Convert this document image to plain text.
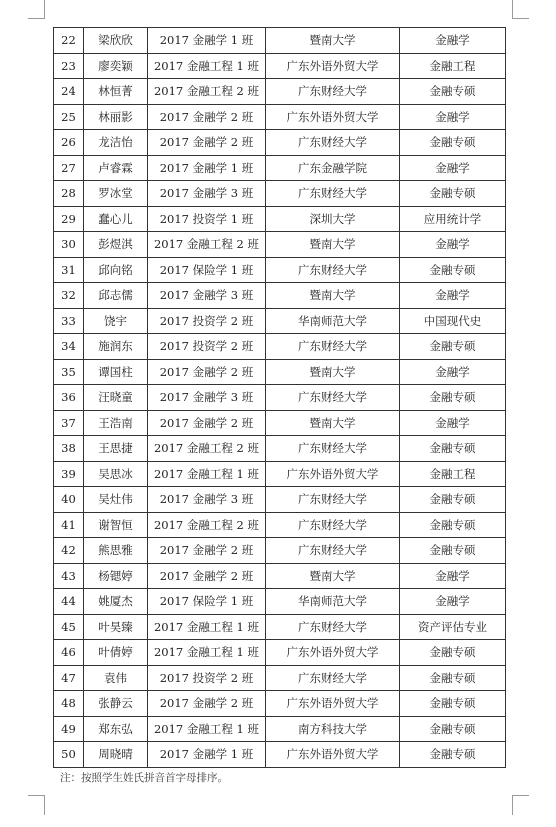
22	梁欣欣	2017 金融学 1 班	暨南大学	金融学
23	廖奕颖	2017 金融工程 1 班	广东外语外贸大学	金融工程
24	林恒菁	2017 金融工程 2 班	广东财经大学	金融专硕
25	林丽影	2017 金融学 2 班	广东外语外贸大学	金融学
26	龙洁怡	2017 金融学 2 班	广东财经大学	金融专硕
27	卢睿霖	2017 金融学 1 班	广东金融学院	金融学
28	罗冰堂	2017 金融学 3 班	广东财经大学	金融专硕
29	蠢心儿	2017 投资学 1 班	深圳大学	应用统计学
30	彭煜淇	2017 金融工程 2 班	暨南大学	金融学
31	邱向铭	2017 保险学 1 班	广东财经大学	金融专硕
32	邱志儒	2017 金融学 3 班	暨南大学	金融学
33	饶宇	2017 投资学 2 班	华南师范大学	中国现代史
34	施润东	2017 投资学 2 班	广东财经大学	金融专硕
35	谭国柱	2017 金融学 2 班	暨南大学	金融学
36	汪晓童	2017 金融学 3 班	广东财经大学	金融专硕
37	王浩南	2017 金融学 2 班	暨南大学	金融学
38	王思捷	2017 金融工程 2 班	广东财经大学	金融专硕
39	吴思冰	2017 金融工程 1 班	广东外语外贸大学	金融工程
40	吴灶伟	2017 金融学 3 班	广东财经大学	金融专硕
41	谢智恒	2017 金融工程 2 班	广东财经大学	金融专硕
42	熊思雅	2017 金融学 2 班	广东财经大学	金融专硕
43	杨锶婷	2017 金融学 2 班	暨南大学	金融学
44	姚厦杰	2017 保险学 1 班	华南师范大学	金融学
45	叶昊臻	2017 金融工程 1 班	广东财经大学	资产评估专业
46	叶倩婷	2017 金融工程 1 班	广东外语外贸大学	金融专硕
47	袁伟	2017 投资学 2 班	广东财经大学	金融专硕
48	张静云	2017 金融学 2 班	广东外语外贸大学	金融专硕
49	郑东弘	2017 金融工程 1 班	南方科技大学	金融专硕
50	周晓晴	2017 金融学 1 班	广东外语外贸大学	金融专硕
注：按照学生姓氏拼音首字母排序。
